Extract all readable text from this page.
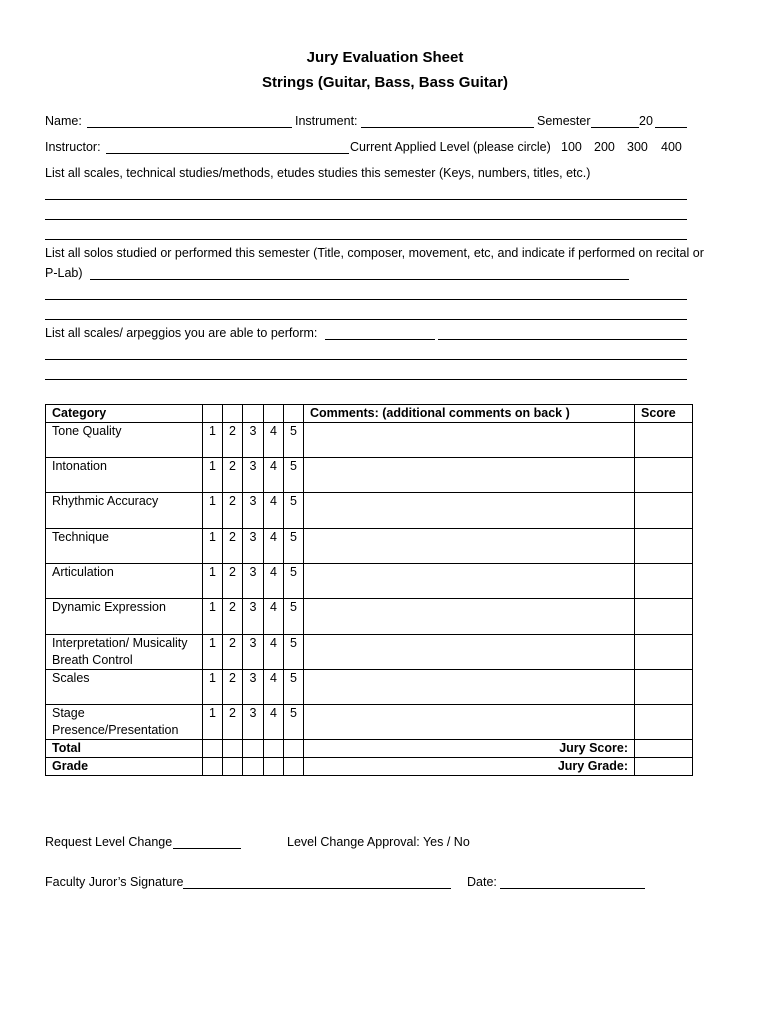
Jury Evaluation Sheet
Strings (Guitar, Bass, Bass Guitar)
Name:	Instrument:	Semester	20
Instructor:	Current Applied Level (please circle) 100 200 300 400
List all scales, technical studies/methods, etudes studies this semester (Keys, numbers, titles, etc.)
List all solos studied or performed this semester (Title, composer, movement, etc, and indicate if performed on recital or
P-Lab)
List all scales/ arpeggios you are able to perform:
Category						Comments: (additional comments on back )	Score

Tone Quality	1	2	3	4	5		

Intonation	1	2	3	4	5		

Rhythmic Accuracy	1	2	3	4	5		

Technique	1	2	3	4	5		

Articulation	1	2	3	4	5		

Dynamic Expression	1	2	3	4	5		

Interpretation/ Musicality
Breath Control	1	2	3	4	5		

Scales	1	2	3	4	5		

Stage Presence/Presentation	1	2	3	4	5		
Total						Jury Score:	
Grade						Jury Grade:	
Request Level Change	Level Change Approval: Yes / No
Faculty Juror’s Signature	Date:
